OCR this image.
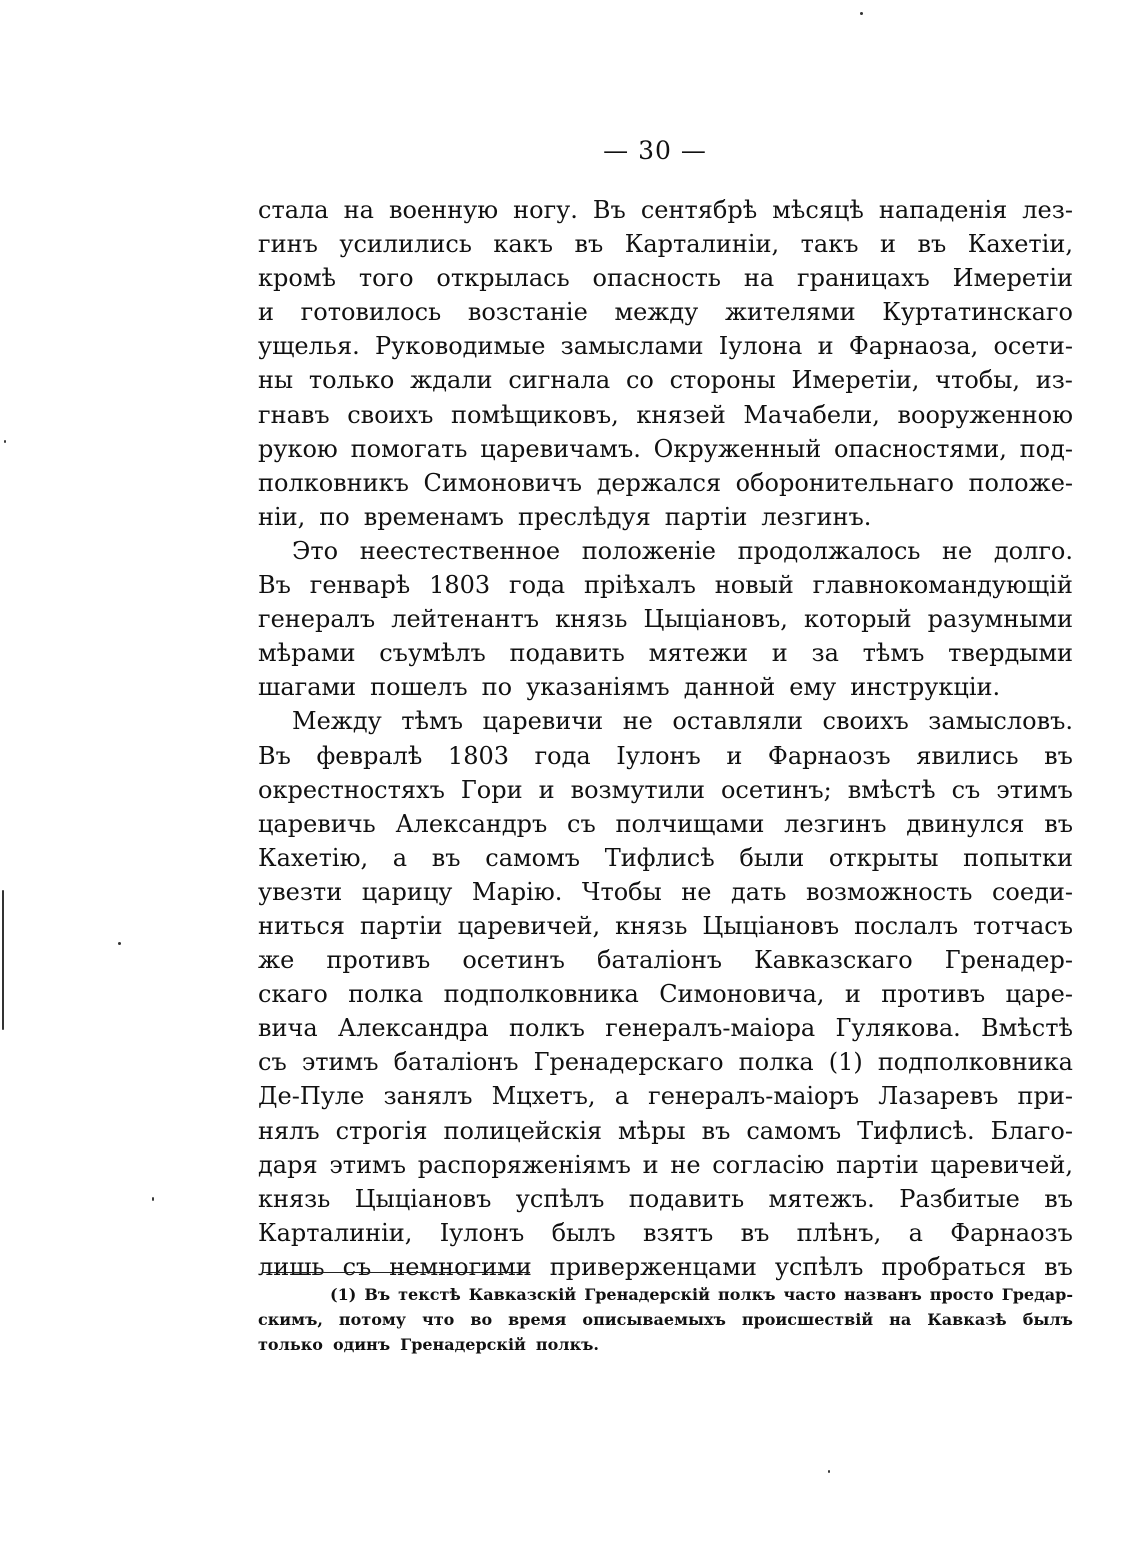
— 30 —
стала на военную ногу. Въ сентябрѣ мѣсяцѣ нападенія лез-
гинъ усилились какъ въ Карталиніи, такъ и въ Кахетіи,
кромѣ того открылась опасность на границахъ Имеретіи
и готовилось возстаніе между жителями Куртатинскаго
ущелья. Руководимые замыслами Іулона и Фарнаоза, осети-
ны только ждали сигнала со стороны Имеретіи, чтобы, из-
гнавъ своихъ помѣщиковъ, князей Мачабели, вооруженною
рукою помогать царевичамъ. Окруженный опасностями, под-
полковникъ Симоновичъ держался оборонительнаго положе-
ніи, по временамъ преслѣдуя партіи лезгинъ.
Это неестественное положеніе продолжалось не долго.
Въ генварѣ 1803 года пріѣхалъ новый главнокомандующій
генералъ лейтенантъ князь Цыціановъ, который разумными
мѣрами съумѣлъ подавить мятежи и за тѣмъ твердыми
шагами пошелъ по указаніямъ данной ему инструкціи.
Между тѣмъ царевичи не оставляли своихъ замысловъ.
Въ февралѣ 1803 года Іулонъ и Фарнаозъ явились въ
окрестностяхъ Гори и возмутили осетинъ; вмѣстѣ съ этимъ
царевичь Александръ съ полчищами лезгинъ двинулся въ
Кахетію, а въ самомъ Тифлисѣ были открыты попытки
увезти царицу Марію. Чтобы не дать возможность соеди-
ниться партіи царевичей, князь Цыціановъ послалъ тотчасъ
же противъ осетинъ баталіонъ Кавказскаго Гренадер-
скаго полка подполковника Симоновича, и противъ царе-
вича Александра полкъ генералъ-маіора Гулякова. Вмѣстѣ
съ этимъ баталіонъ Гренадерскаго полка (1) подполковника
Де-Пуле занялъ Мцхетъ, а генералъ-маіоръ Лазаревъ при-
нялъ строгія полицейскія мѣры въ самомъ Тифлисѣ. Благо-
даря этимъ распоряженіямъ и не согласію партіи царевичей,
князь Цыціановъ успѣлъ подавить мятежъ. Разбитые въ
Карталиніи, Іулонъ былъ взятъ въ плѣнъ, а Фарнаозъ
лишь съ немногими приверженцами успѣлъ пробраться въ
(1) Въ текстѣ Кавказскій Гренадерскій полкъ часто названъ просто Гредар-
скимъ, потому что во время описываемыхъ происшествій на Кавказѣ былъ
только одинъ Гренадерскій полкъ.
